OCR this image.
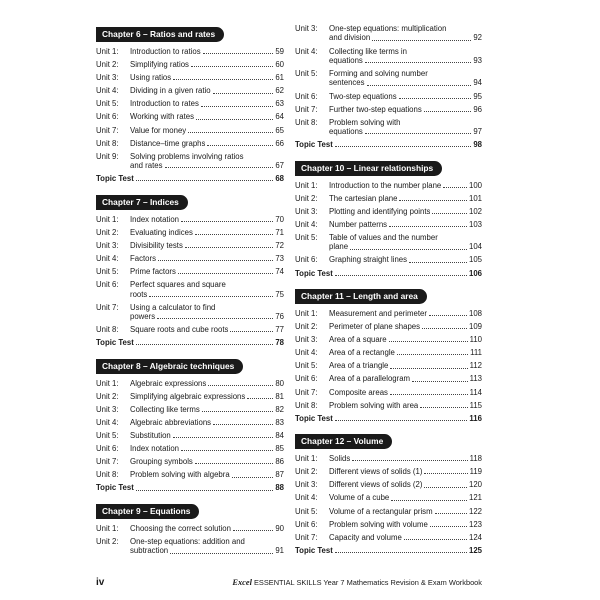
Chapter 6 – Ratios and rates
Unit 1:	Introduction to ratios	59
Unit 2:	Simplifying ratios	60
Unit 3:	Using ratios	61
Unit 4:	Dividing in a given ratio	62
Unit 5:	Introduction to rates	63
Unit 6:	Working with rates	64
Unit 7:	Value for money	65
Unit 8:	Distance–time graphs	66
Unit 9:	Solving problems involving ratios
and rates	67
Topic Test	68
Chapter 7 – Indices
Unit 1:	Index notation	70
Unit 2:	Evaluating indices	71
Unit 3:	Divisibility tests	72
Unit 4:	Factors	73
Unit 5:	Prime factors	74
Unit 6:	Perfect squares and square
roots	75
Unit 7:	Using a calculator to find
powers	76
Unit 8:	Square roots and cube roots	77
Topic Test	78
Chapter 8 – Algebraic techniques
Unit 1:	Algebraic expressions	80
Unit 2:	Simplifying algebraic expressions	81
Unit 3:	Collecting like terms	82
Unit 4:	Algebraic abbreviations	83
Unit 5:	Substitution	84
Unit 6:	Index notation	85
Unit 7:	Grouping symbols	86
Unit 8:	Problem solving with algebra	87
Topic Test	88
Chapter 9 – Equations
Unit 1:	Choosing the correct solution	90
Unit 2:	One-step equations: addition and
subtraction	91
Unit 3:	One-step equations: multiplication
and division	92
Unit 4:	Collecting like terms in
equations	93
Unit 5:	Forming and solving number
sentences	94
Unit 6:	Two-step equations	95
Unit 7:	Further two-step equations	96
Unit 8:	Problem solving with
equations	97
Topic Test	98
Chapter 10 – Linear relationships
Unit 1:	Introduction to the number plane	100
Unit 2:	The cartesian plane	101
Unit 3:	Plotting and identifying points	102
Unit 4:	Number patterns	103
Unit 5:	Table of values and the number
plane	104
Unit 6:	Graphing straight lines	105
Topic Test	106
Chapter 11 – Length and area
Unit 1:	Measurement and perimeter	108
Unit 2:	Perimeter of plane shapes	109
Unit 3:	Area of a square	110
Unit 4:	Area of a rectangle	111
Unit 5:	Area of a triangle	112
Unit 6:	Area of a parallelogram	113
Unit 7:	Composite areas	114
Unit 8:	Problem solving with area	115
Topic Test	116
Chapter 12 – Volume
Unit 1:	Solids	118
Unit 2:	Different views of solids (1)	119
Unit 3:	Different views of solids (2)	120
Unit 4:	Volume of a cube	121
Unit 5:	Volume of a rectangular prism	122
Unit 6:	Problem solving with volume	123
Unit 7:	Capacity and volume	124
Topic Test	125
iv	Excel ESSENTIAL SKILLS Year 7 Mathematics Revision & Exam Workbook
